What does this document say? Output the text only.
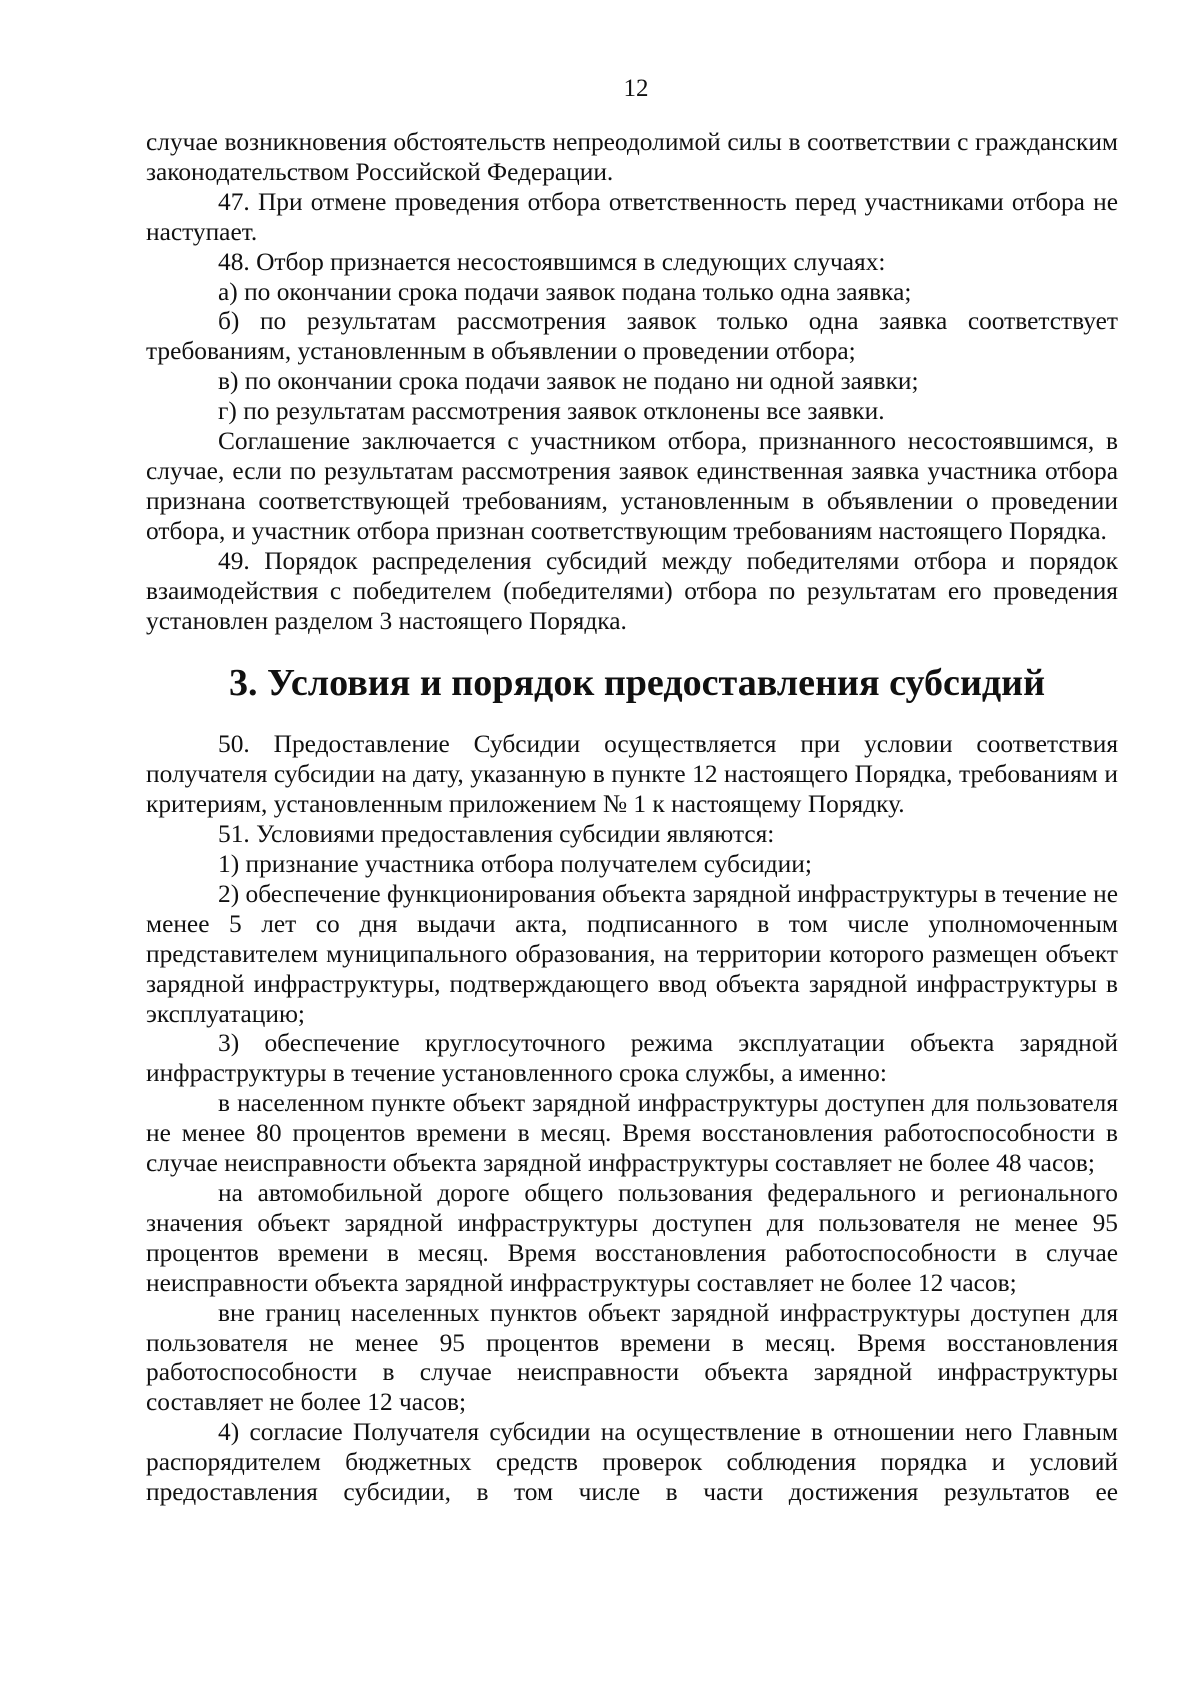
12

случае возникновения обстоятельств непреодолимой силы в соответствии с гражданским законодательством Российской Федерации.

47. При отмене проведения отбора ответственность перед участниками отбора не наступает.

48. Отбор признается несостоявшимся в следующих случаях:

а) по окончании срока подачи заявок подана только одна заявка;

б) по результатам рассмотрения заявок только одна заявка соответствует требованиям, установленным в объявлении о проведении отбора;

в) по окончании срока подачи заявок не подано ни одной заявки;

г) по результатам рассмотрения заявок отклонены все заявки.

Соглашение заключается с участником отбора, признанного несостоявшимся, в случае, если по результатам рассмотрения заявок единственная заявка участника отбора признана соответствующей требованиям, установленным в объявлении о проведении отбора, и участник отбора признан соответствующим требованиям настоящего Порядка.

49. Порядок распределения субсидий между победителями отбора и порядок взаимодействия с победителем (победителями) отбора по результатам его проведения установлен разделом 3 настоящего Порядка.

3. Условия и порядок предоставления субсидий

50. Предоставление Субсидии осуществляется при условии соответствия получателя субсидии на дату, указанную в пункте 12 настоящего Порядка, требованиям и критериям, установленным приложением № 1 к настоящему Порядку.

51. Условиями предоставления субсидии являются:

1) признание участника отбора получателем субсидии;

2) обеспечение функционирования объекта зарядной инфраструктуры в течение не менее 5 лет со дня выдачи акта, подписанного в том числе уполномоченным представителем муниципального образования, на территории которого размещен объект зарядной инфраструктуры, подтверждающего ввод объекта зарядной инфраструктуры в эксплуатацию;

3) обеспечение круглосуточного режима эксплуатации объекта зарядной инфраструктуры в течение установленного срока службы, а именно:

в населенном пункте объект зарядной инфраструктуры доступен для пользователя не менее 80 процентов времени в месяц. Время восстановления работоспособности в случае неисправности объекта зарядной инфраструктуры составляет не более 48 часов;

на автомобильной дороге общего пользования федерального и регионального значения объект зарядной инфраструктуры доступен для пользователя не менее 95 процентов времени в месяц. Время восстановления работоспособности в случае неисправности объекта зарядной инфраструктуры составляет не более 12 часов;

вне границ населенных пунктов объект зарядной инфраструктуры доступен для пользователя не менее 95 процентов времени в месяц. Время восстановления работоспособности в случае неисправности объекта зарядной инфраструктуры составляет не более 12 часов;

4) согласие Получателя субсидии на осуществление в отношении него Главным распорядителем бюджетных средств проверок соблюдения порядка и условий предоставления субсидии, в том числе в части достижения результатов ее
